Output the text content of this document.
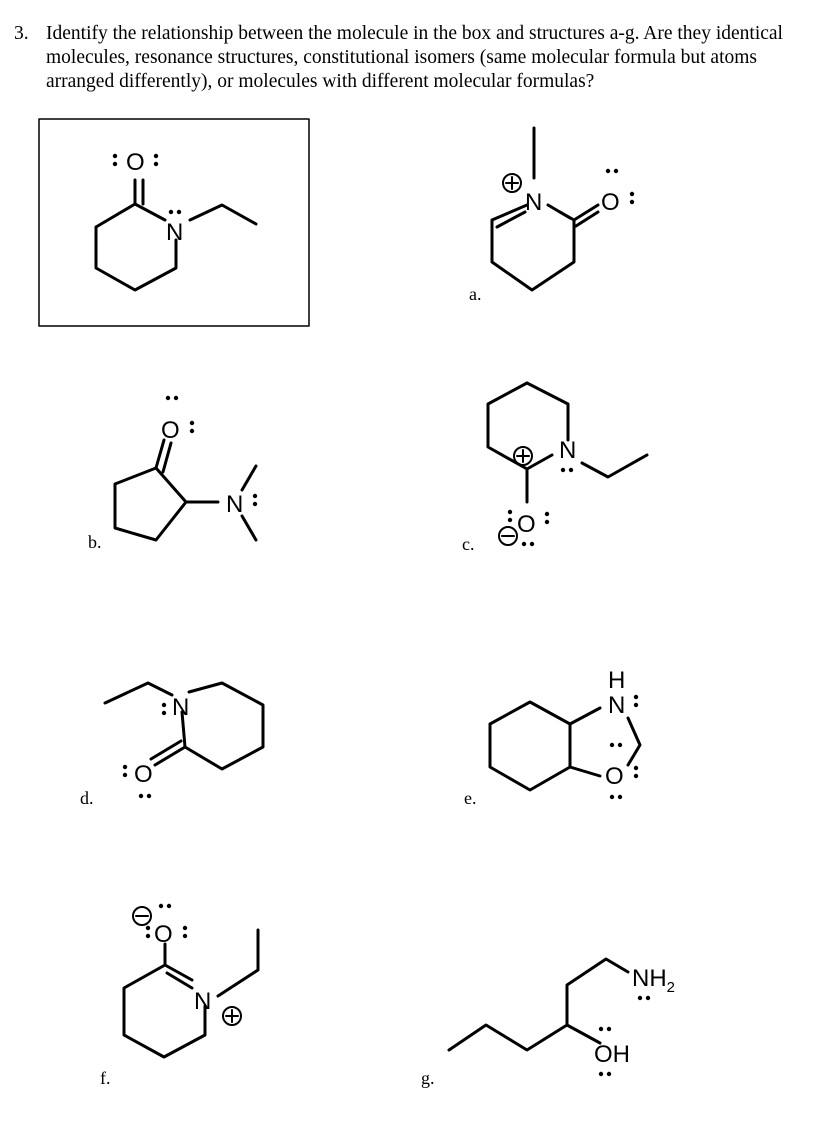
3. Identify the relationship between the molecule in the box and structures a-g. Are they identical molecules, resonance structures, constitutional isomers (same molecular formula but atoms arranged differently), or molecules with different molecular formulas?
O
N
N O
a.
O
N
b.
N
O
c.
N
O
d.
H
N
O
e.
O
N
f.
$NH_2$
OH
g.
